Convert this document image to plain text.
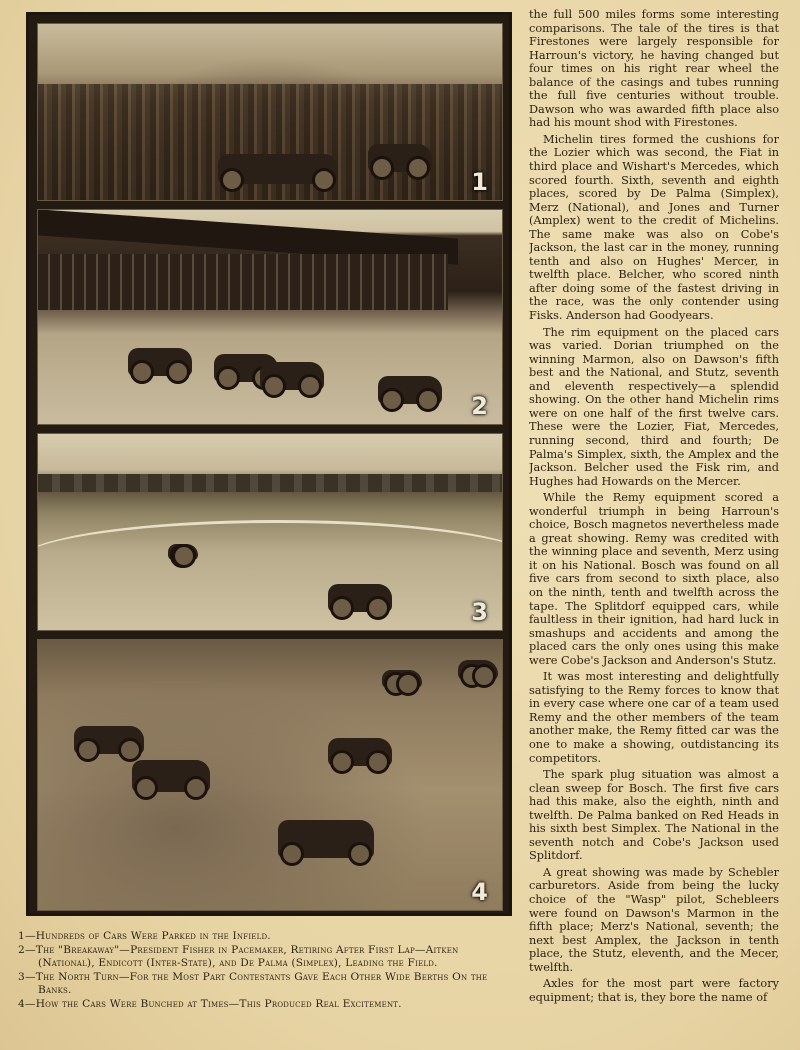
1
2
3
4

the full 500 miles forms some interesting comparisons. The tale of the tires is that Firestones were largely responsible for Harroun's victory, he having changed but four times on his right rear wheel the balance of the casings and tubes running the full five centuries without trouble. Dawson who was awarded fifth place also had his mount shod with Firestones.

Michelin tires formed the cushions for the Lozier which was second, the Fiat in third place and Wishart's Mercedes, which scored fourth. Sixth, seventh and eighth places, scored by De Palma (Simplex), Merz (National), and Jones and Turner (Amplex) went to the credit of Michelins. The same make was also on Cobe's Jackson, the last car in the money, running tenth and also on Hughes' Mercer, in twelfth place. Belcher, who scored ninth after doing some of the fastest driving in the race, was the only contender using Fisks. Anderson had Goodyears.

The rim equipment on the placed cars was varied. Dorian triumphed on the winning Marmon, also on Dawson's fifth best and the National, and Stutz, seventh and eleventh respectively—a splendid showing. On the other hand Michelin rims were on one half of the first twelve cars. These were the Lozier, Fiat, Mercedes, running second, third and fourth; De Palma's Simplex, sixth, the Amplex and the Jackson. Belcher used the Fisk rim, and Hughes had Howards on the Mercer.

While the Remy equipment scored a wonderful triumph in being Harroun's choice, Bosch magnetos nevertheless made a great showing. Remy was credited with the winning place and seventh, Merz using it on his National. Bosch was found on all five cars from second to sixth place, also on the ninth, tenth and twelfth across the tape. The Splitdorf equipped cars, while faultless in their ignition, had hard luck in smashups and accidents and among the placed cars the only ones using this make were Cobe's Jackson and Anderson's Stutz.

It was most interesting and delightfully satisfying to the Remy forces to know that in every case where one car of a team used Remy and the other members of the team another make, the Remy fitted car was the one to make a showing, outdistancing its competitors.

The spark plug situation was almost a clean sweep for Bosch. The first five cars had this make, also the eighth, ninth and twelfth. De Palma banked on Red Heads in his sixth best Simplex. The National in the seventh notch and Cobe's Jackson used Splitdorf.

A great showing was made by Schebler carburetors. Aside from being the lucky choice of the "Wasp" pilot, Schebleers were found on Dawson's Marmon in the fifth place; Merz's National, seventh; the next best Amplex, the Jackson in tenth place, the Stutz, eleventh, and the Mecer, twelfth.

Axles for the most part were factory equipment; that is, they bore the name of

1—Hundreds of Cars Were Parked in the Infield.

2—The "Breakaway"—President Fisher in Pacemaker, Retiring After First Lap—Aitken (National), Endicott (Inter-State), and De Palma (Simplex), Leading the Field.

3—The North Turn—For the Most Part Contestants Gave Each Other Wide Berths On the Banks.

4—How the Cars Were Bunched at Times—This Produced Real Excitement.
